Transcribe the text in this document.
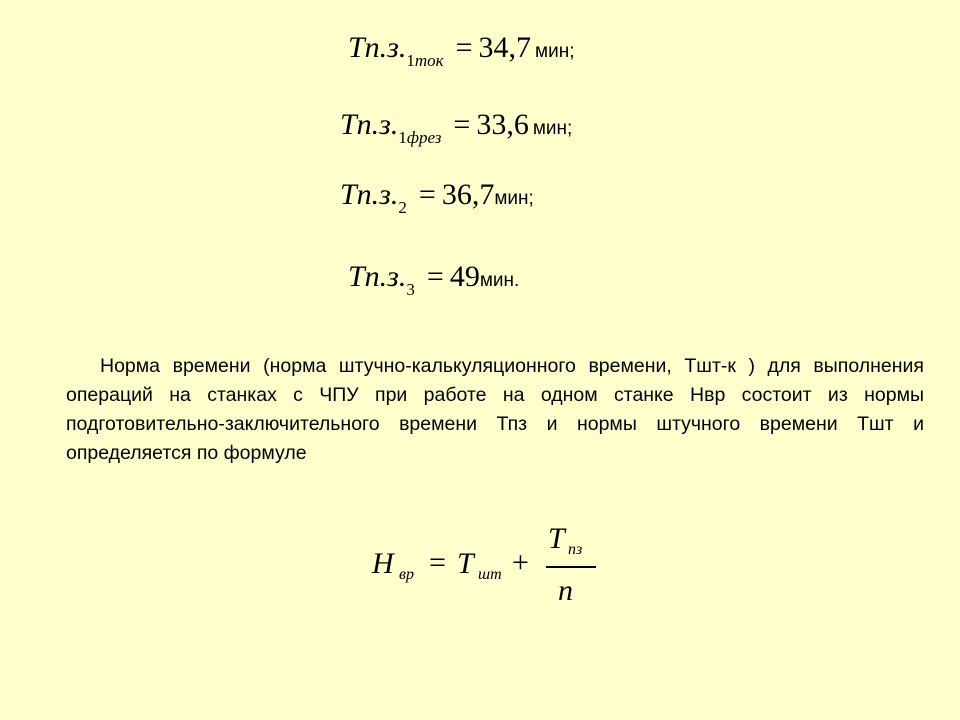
Tп.з.1ток = 34,7 мин;
Tп.з.1фрез = 33,6 мин;
Tп.з.2 = 36,7мин;
Tп.з.3 = 49мин.

Норма времени (норма штучно-калькуляционного времени, Тшт-к ) для выполнения операций на станках с ЧПУ при работе на одном станке Нвр состоит из нормы подготовительно-заключительного времени Тпз и нормы штучного времени Тшт и определяется по формуле

H вр = T шт +
T пз
n
